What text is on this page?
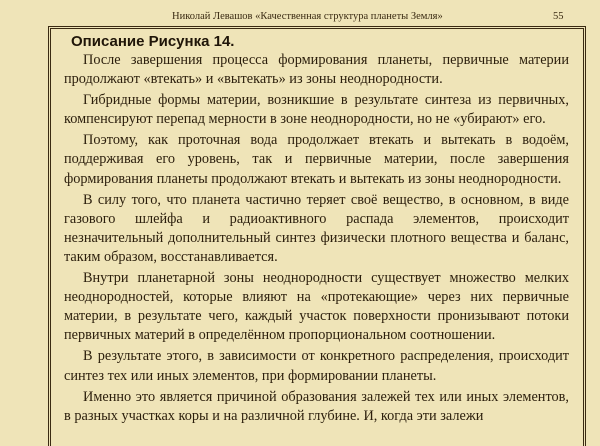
Николай Левашов «Качественная структура планеты Земля»	55
Описание Рисунка 14.

После завершения процесса формирования планеты, первичные материи продолжают «втекать» и «вытекать» из зоны неоднородности.

Гибридные формы материи, возникшие в результате синтеза из первичных, компенсируют перепад мерности в зоне неоднородности, но не «убирают» его.

Поэтому, как проточная вода продолжает втекать и вытекать в водоём, поддерживая его уровень, так и первичные материи, после завершения формирования планеты продолжают втекать и вытекать из зоны неоднородности.

В силу того, что планета частично теряет своё вещество, в основном, в виде газового шлейфа и радиоактивного распада элементов, происходит незначительный дополнительный синтез физически плотного вещества и баланс, таким образом, восстанавливается.

Внутри планетарной зоны неоднородности существует множество мелких неоднородностей, которые влияют на «протекающие» через них первичные материи, в результате чего, каждый участок поверхности пронизывают потоки первичных материй в определённом пропорциональном соотношении.

В результате этого, в зависимости от конкретного распределения, происходит синтез тех или иных элементов, при формировании планеты.

Именно это является причиной образования залежей тех или иных элементов, в разных участках коры и на различной глубине. И, когда эти залежи
